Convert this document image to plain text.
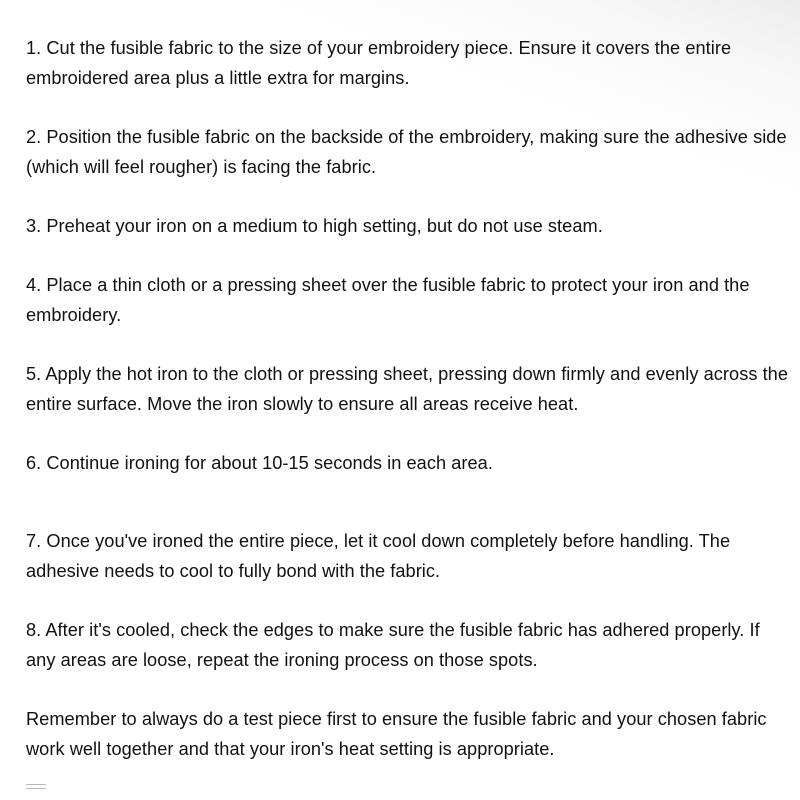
1. Cut the fusible fabric to the size of your embroidery piece. Ensure it covers the entire embroidered area plus a little extra for margins.

2. Position the fusible fabric on the backside of the embroidery, making sure the adhesive side (which will feel rougher) is facing the fabric.

3. Preheat your iron on a medium to high setting, but do not use steam.

4. Place a thin cloth or a pressing sheet over the fusible fabric to protect your iron and the embroidery.

5. Apply the hot iron to the cloth or pressing sheet, pressing down firmly and evenly across the entire surface. Move the iron slowly to ensure all areas receive heat.

6. Continue ironing for about 10-15 seconds in each area.

7. Once you've ironed the entire piece, let it cool down completely before handling. The adhesive needs to cool to fully bond with the fabric.

8. After it's cooled, check the edges to make sure the fusible fabric has adhered properly. If any areas are loose, repeat the ironing process on those spots.

Remember to always do a test piece first to ensure the fusible fabric and your chosen fabric work well together and that your iron's heat setting is appropriate.
